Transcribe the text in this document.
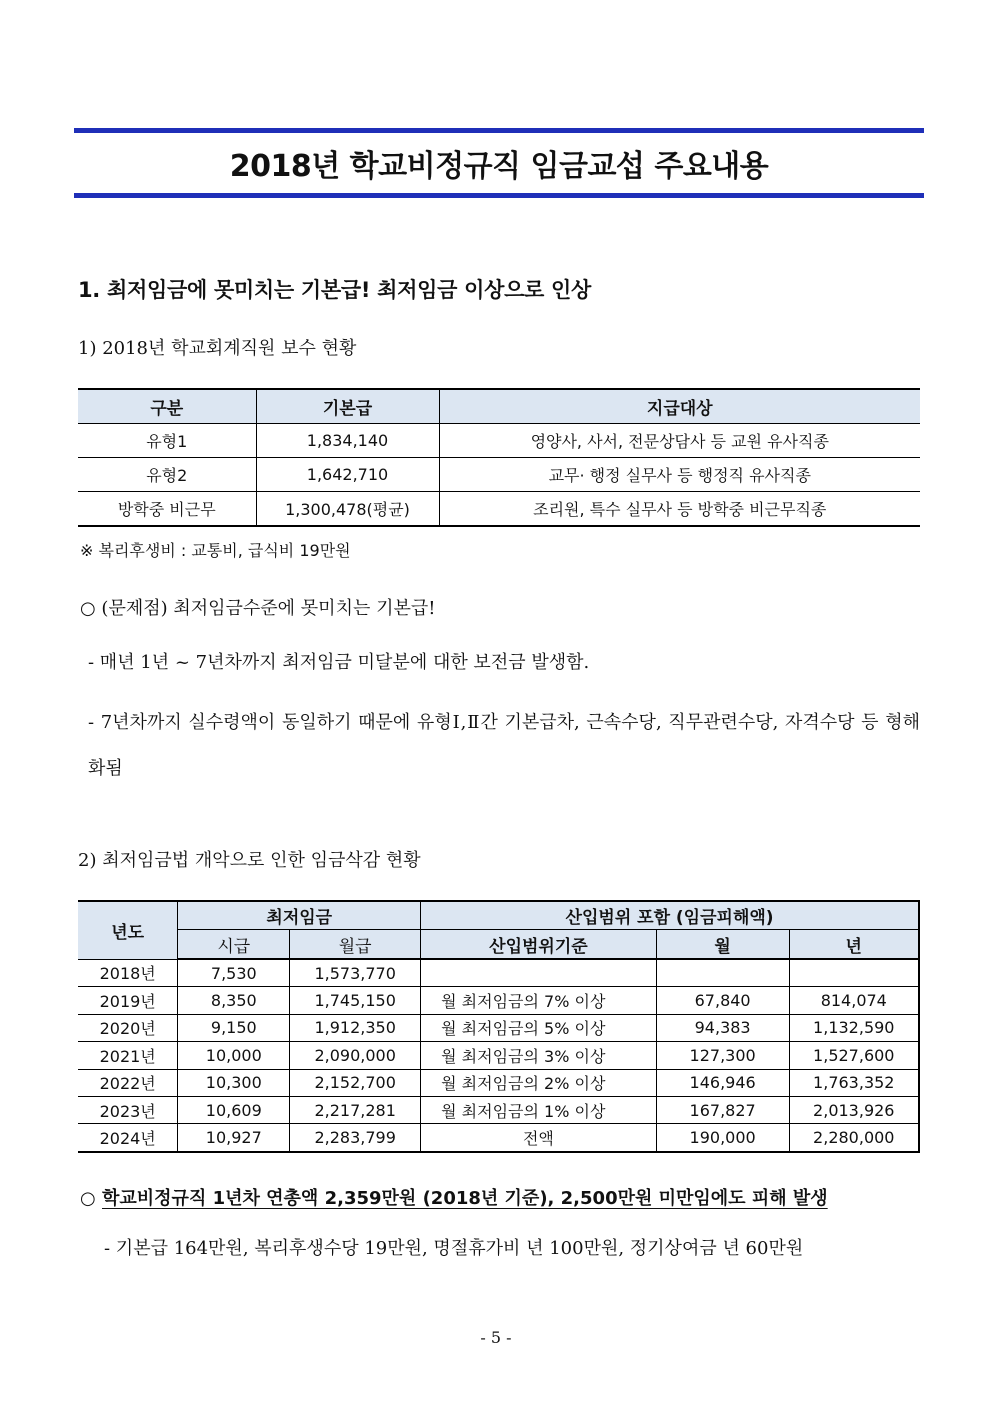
2018년 학교비정규직 임금교섭 주요내용
1. 최저임금에 못미치는 기본급! 최저임금 이상으로 인상
1) 2018년 학교회계직원 보수 현황
구분	기본급	지급대상
유형1	1,834,140	영양사, 사서, 전문상담사 등 교원 유사직종
유형2	1,642,710	교무· 행정 실무사 등 행정직 유사직종
방학중 비근무	1,300,478(평균)	조리원, 특수 실무사 등 방학중 비근무직종
※ 복리후생비 : 교통비, 급식비 19만원
○ (문제점) 최저임금수준에 못미치는 기본급!
- 매년 1년 ~ 7년차까지 최저임금 미달분에 대한 보전금 발생함.
- 7년차까지 실수령액이 동일하기 때문에 유형Ⅰ,Ⅱ간 기본급차, 근속수당, 직무관련수당, 자격수당 등 형해화됨
2) 최저임금법 개악으로 인한 임금삭감 현황
년도	최저임금		산입범위 포함 (임금피해액)		
	시급	월급	산입범위기준	월	년
2018년	7,530	1,573,770			
2019년	8,350	1,745,150	월 최저임금의 7% 이상	67,840	814,074
2020년	9,150	1,912,350	월 최저임금의 5% 이상	94,383	1,132,590
2021년	10,000	2,090,000	월 최저임금의 3% 이상	127,300	1,527,600
2022년	10,300	2,152,700	월 최저임금의 2% 이상	146,946	1,763,352
2023년	10,609	2,217,281	월 최저임금의 1% 이상	167,827	2,013,926
2024년	10,927	2,283,799	전액	190,000	2,280,000
○ 학교비정규직 1년차 연총액 2,359만원 (2018년 기준), 2,500만원 미만임에도 피해 발생
- 기본급 164만원, 복리후생수당 19만원, 명절휴가비 년 100만원, 정기상여금 년 60만원
- 5 -
